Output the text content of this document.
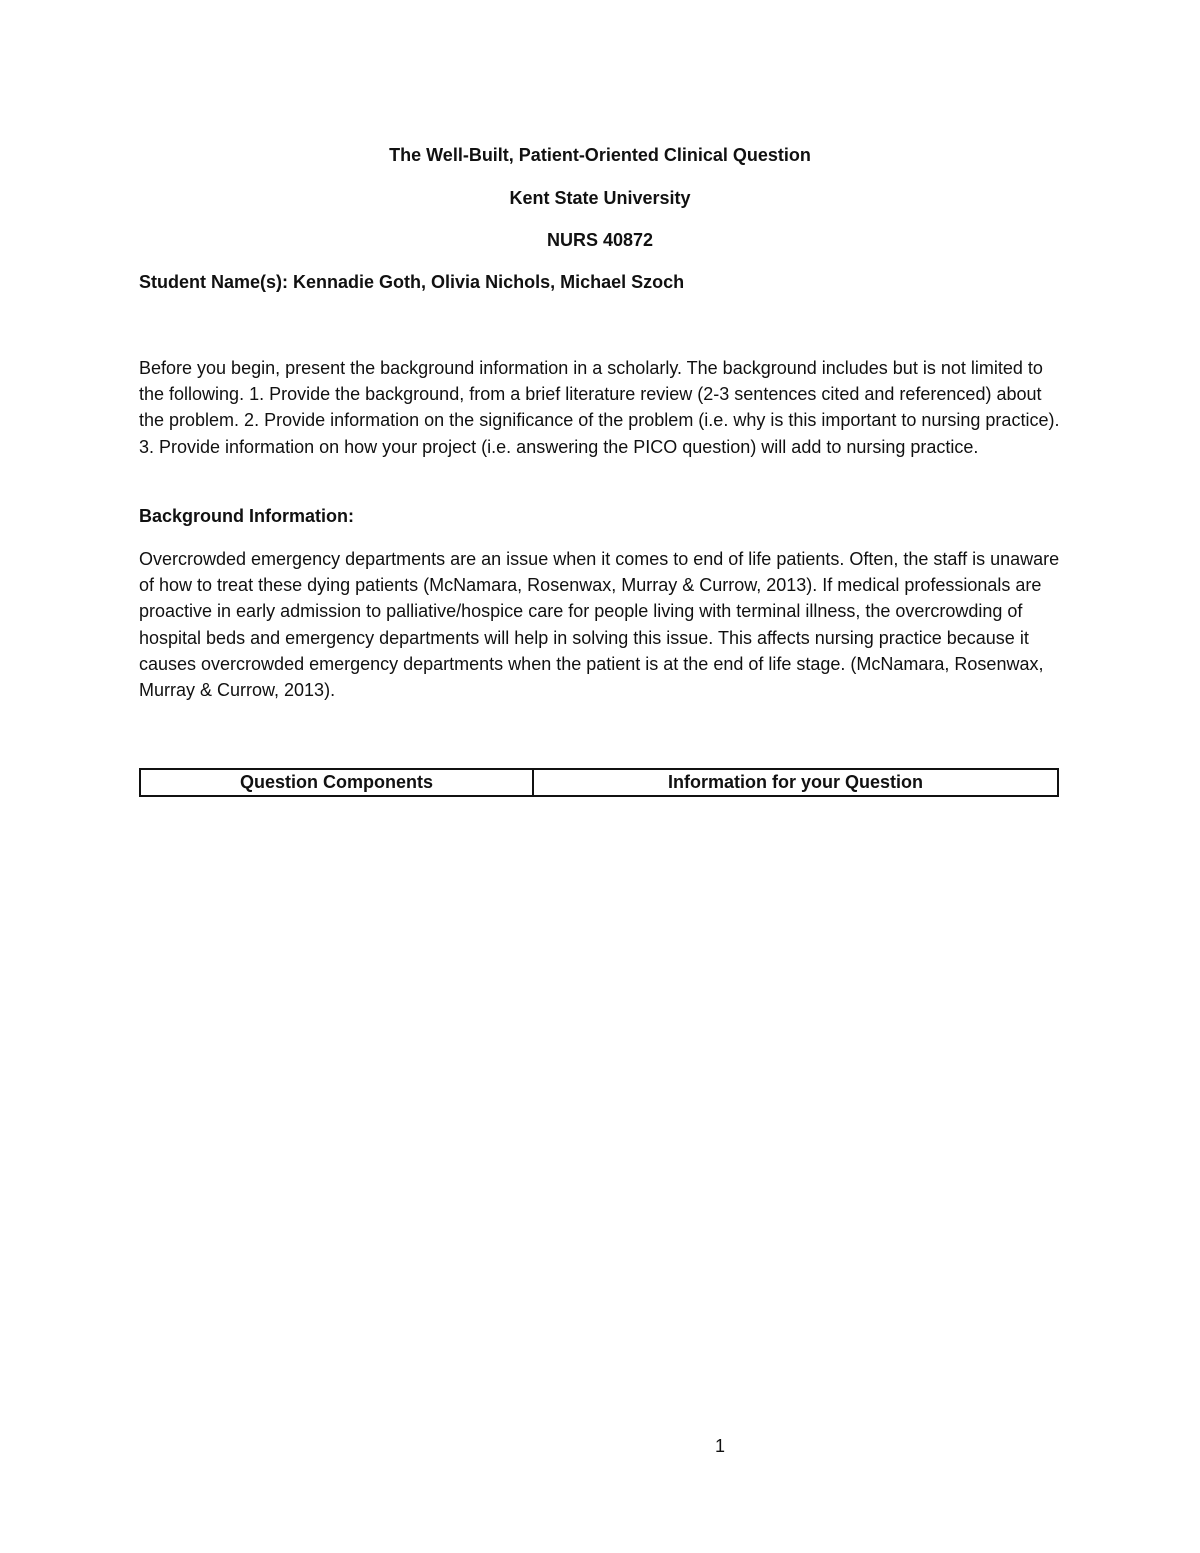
The Well-Built, Patient-Oriented Clinical Question
Kent State University
NURS 40872
Student Name(s): Kennadie Goth, Olivia Nichols, Michael Szoch

Before you begin, present the background information in a scholarly. The background includes but is not limited to the following. 1. Provide the background, from a brief literature review (2-3 sentences cited and referenced) about the problem. 2. Provide information on the significance of the problem (i.e. why is this important to nursing practice). 3. Provide information on how your project (i.e. answering the PICO question) will add to nursing practice.

Background Information:

Overcrowded emergency departments are an issue when it comes to end of life patients. Often, the staff is unaware of how to treat these dying patients (McNamara, Rosenwax, Murray & Currow, 2013). If medical professionals are proactive in early admission to palliative/hospice care for people living with terminal illness, the overcrowding of hospital beds and emergency departments will help in solving this issue. This affects nursing practice because it causes overcrowded emergency departments when the patient is at the end of life stage. (McNamara, Rosenwax, Murray & Currow, 2013).

Question Components	Information for your Question
1
